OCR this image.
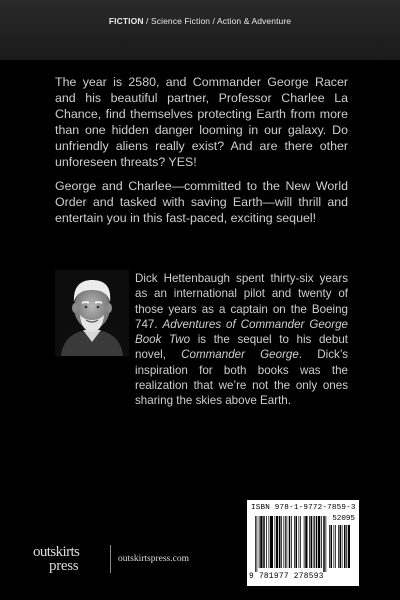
FICTION / Science Fiction / Action & Adventure

The year is 2580, and Commander George Racer and his beautiful partner, Professor Charlee La Chance, find themselves protecting Earth from more than one hidden danger looming in our galaxy. Do unfriendly aliens really exist? And are there other unforeseen threats? YES!

George and Charlee—committed to the New World Order and tasked with saving Earth—will thrill and entertain you in this fast-paced, exciting sequel!

Dick Hettenbaugh spent thirty-six years as an international pilot and twenty of those years as a captain on the Boeing 747. Adventures of Commander George Book Two is the sequel to his debut novel, Commander George. Dick’s inspiration for both books was the realization that we’re not the only ones sharing the skies above Earth.

outskirts
press	outskirtspress.com
ISBN 978-1-9772-7859-3
52095
9 781977 278593
